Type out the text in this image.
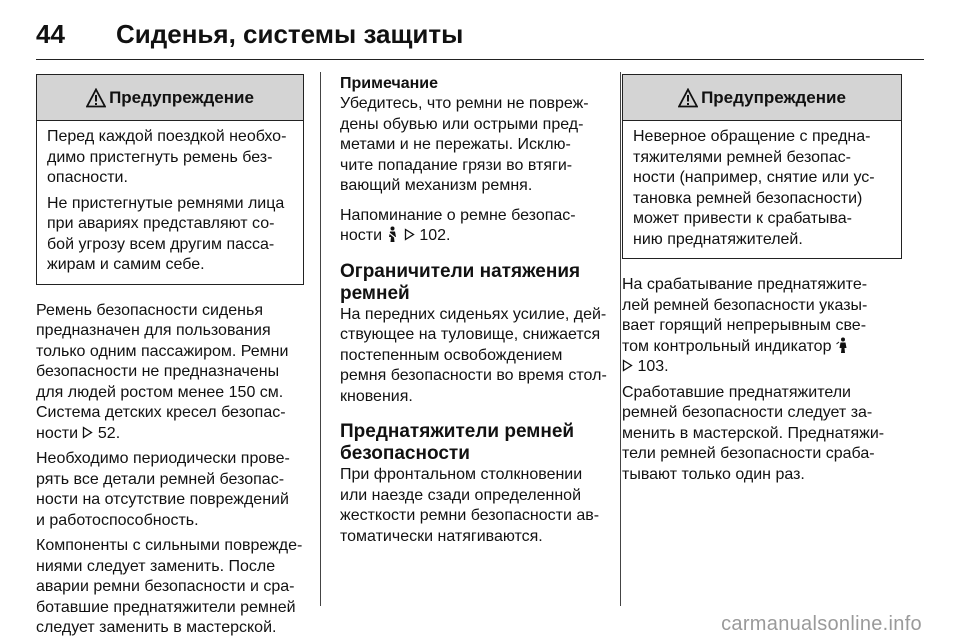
44	Сиденья, системы защиты
Предупреждение

Перед каждой поездкой необхо-
димо пристегнуть ремень без-
опасности.

Не пристегнутые ремнями лица
при авариях представляют со-
бой угрозу всем другим пасса-
жирам и самим себе.

Ремень безопасности сиденья
предназначен для пользования
только одним пассажиром. Ремни
безопасности не предназначены
для людей ростом менее 150 см.
Система детских кресел безопас-
ности 52.
Необходимо периодически прове-
рять все детали ремней безопас-
ности на отсутствие повреждений
и работоспособность.
Компоненты с сильными поврежде-
ниями следует заменить. После
аварии ремни безопасности и сра-
ботавшие преднатяжители ремней
следует заменить в мастерской.
Примечание
Убедитесь, что ремни не повреж-
дены обувью или острыми пред-
метами и не пережаты. Исклю-
чите попадание грязи во втяги-
вающий механизм ремня.
Напоминание о ремне безопас-
ности 102.
Ограничители натяжения
ремней
На передних сиденьях усилие, дей-
ствующее на туловище, снижается
постепенным освобождением
ремня безопасности во время стол-
кновения.
Преднатяжители ремней
безопасности
При фронтальном столкновении
или наезде сзади определенной
жесткости ремни безопасности ав-
томатически натягиваются.
Предупреждение

Неверное обращение с предна-
тяжителями ремней безопас-
ности (например, снятие или ус-
тановка ремней безопасности)
может привести к срабатыва-
нию преднатяжителей.

На срабатывание преднатяжите-
лей ремней безопасности указы-
вает горящий непрерывным све-
том контрольный индикатор
103.
Сработавшие преднатяжители
ремней безопасности следует за-
менить в мастерской. Преднатяжи-
тели ремней безопасности сраба-
тывают только один раз.
carmanualsonline.info
